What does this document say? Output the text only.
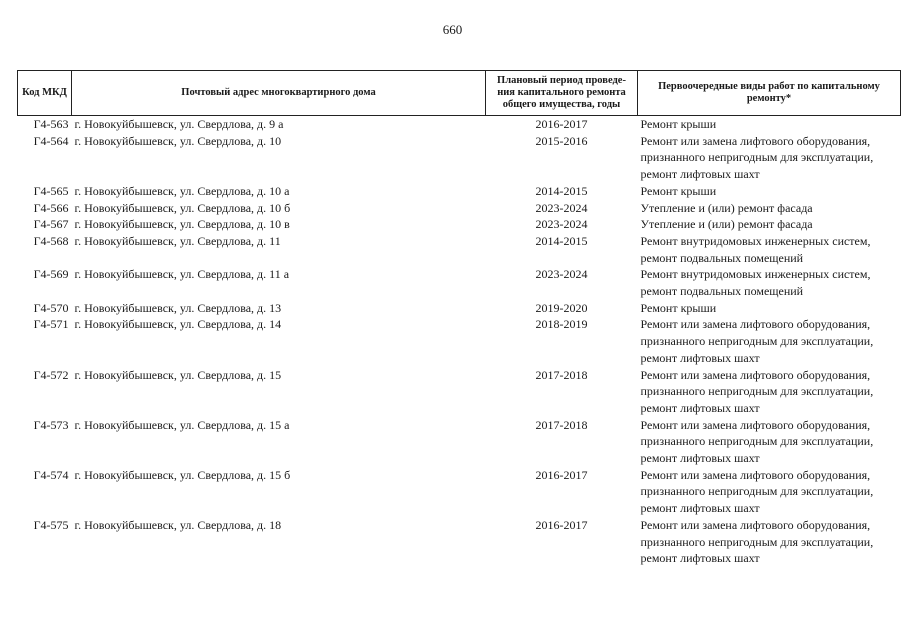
660
Код МКД	Почтовый адрес многоквартирного дома	Плановый период проведе-ния капитального ремонта общего имущества, годы	Первоочередные виды работ по капитальному ремонту*
Г4-563	г. Новокуйбышевск, ул. Свердлова, д. 9 а	2016-2017	Ремонт крыши

Г4-564	г. Новокуйбышевск, ул. Свердлова, д. 10	2015-2016	Ремонт или замена лифтового оборудования,
признанного непригодным для эксплуатации,
ремонт лифтовых шахт

Г4-565	г. Новокуйбышевск, ул. Свердлова, д. 10 а	2014-2015	Ремонт крыши

Г4-566	г. Новокуйбышевск, ул. Свердлова, д. 10 б	2023-2024	Утепление и (или) ремонт фасада

Г4-567	г. Новокуйбышевск, ул. Свердлова, д. 10 в	2023-2024	Утепление и (или) ремонт фасада

Г4-568	г. Новокуйбышевск, ул. Свердлова, д. 11	2014-2015	Ремонт внутридомовых инженерных систем,
ремонт подвальных помещений

Г4-569	г. Новокуйбышевск, ул. Свердлова, д. 11 а	2023-2024	Ремонт внутридомовых инженерных систем,
ремонт подвальных помещений

Г4-570	г. Новокуйбышевск, ул. Свердлова, д. 13	2019-2020	Ремонт крыши

Г4-571	г. Новокуйбышевск, ул. Свердлова, д. 14	2018-2019	Ремонт или замена лифтового оборудования,
признанного непригодным для эксплуатации,
ремонт лифтовых шахт

Г4-572	г. Новокуйбышевск, ул. Свердлова, д. 15	2017-2018	Ремонт или замена лифтового оборудования,
признанного непригодным для эксплуатации,
ремонт лифтовых шахт

Г4-573	г. Новокуйбышевск, ул. Свердлова, д. 15 а	2017-2018	Ремонт или замена лифтового оборудования,
признанного непригодным для эксплуатации,
ремонт лифтовых шахт

Г4-574	г. Новокуйбышевск, ул. Свердлова, д. 15 б	2016-2017	Ремонт или замена лифтового оборудования,
признанного непригодным для эксплуатации,
ремонт лифтовых шахт

Г4-575	г. Новокуйбышевск, ул. Свердлова, д. 18	2016-2017	Ремонт или замена лифтового оборудования,
признанного непригодным для эксплуатации,
ремонт лифтовых шахт
